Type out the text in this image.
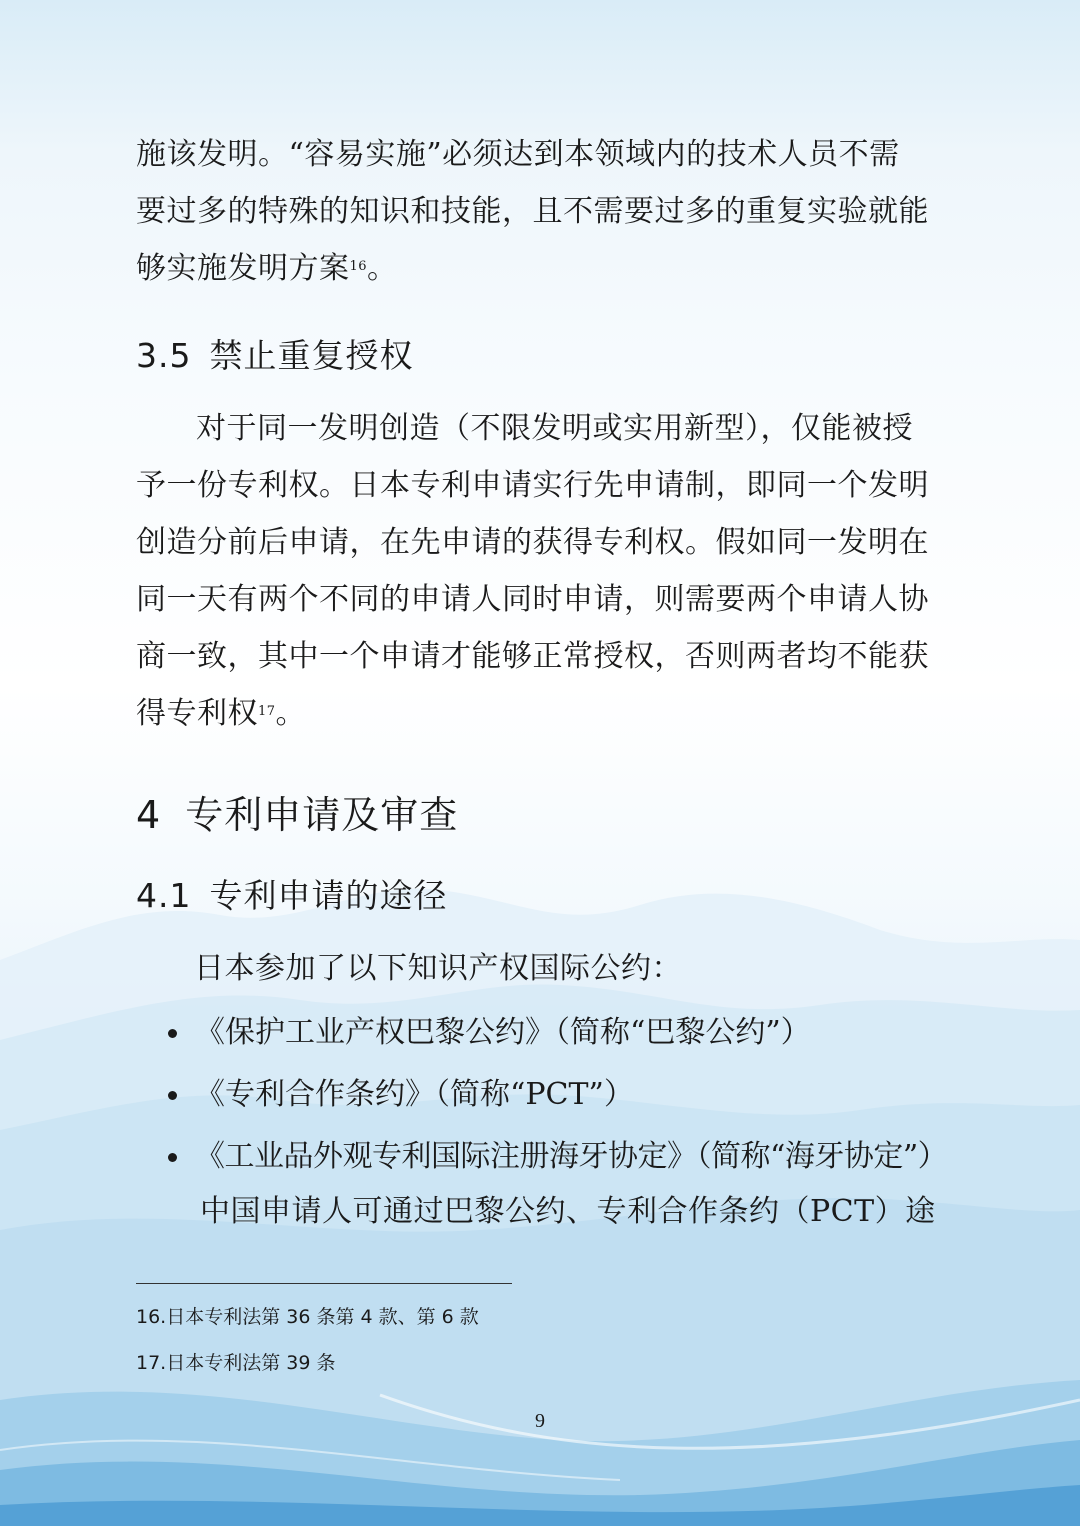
施该发明。“容易实施”必须达到本领域内的技术人员不需
要过多的特殊的知识和技能，且不需要过多的重复实验就能
够实施发明方案$^{16}$。

3.5 禁止重复授权

对于同一发明创造（不限发明或实用新型），仅能被授
予一份专利权。日本专利申请实行先申请制，即同一个发明
创造分前后申请，在先申请的获得专利权。假如同一发明在
同一天有两个不同的申请人同时申请，则需要两个申请人协
商一致，其中一个申请才能够正常授权，否则两者均不能获
得专利权$^{17}$。

4 专利申请及审查
4.1 专利申请的途径

日本参加了以下知识产权国际公约：

《保护工业产权巴黎公约》（简称“巴黎公约”）
《专利合作条约》（简称“PCT”）
《工业品外观专利国际注册海牙协定》（简称“海牙协定”）

中国申请人可通过巴黎公约、专利合作条约（PCT）途

16.日本专利法第 36 条第 4 款、第 6 款

17.日本专利法第 39 条

9
